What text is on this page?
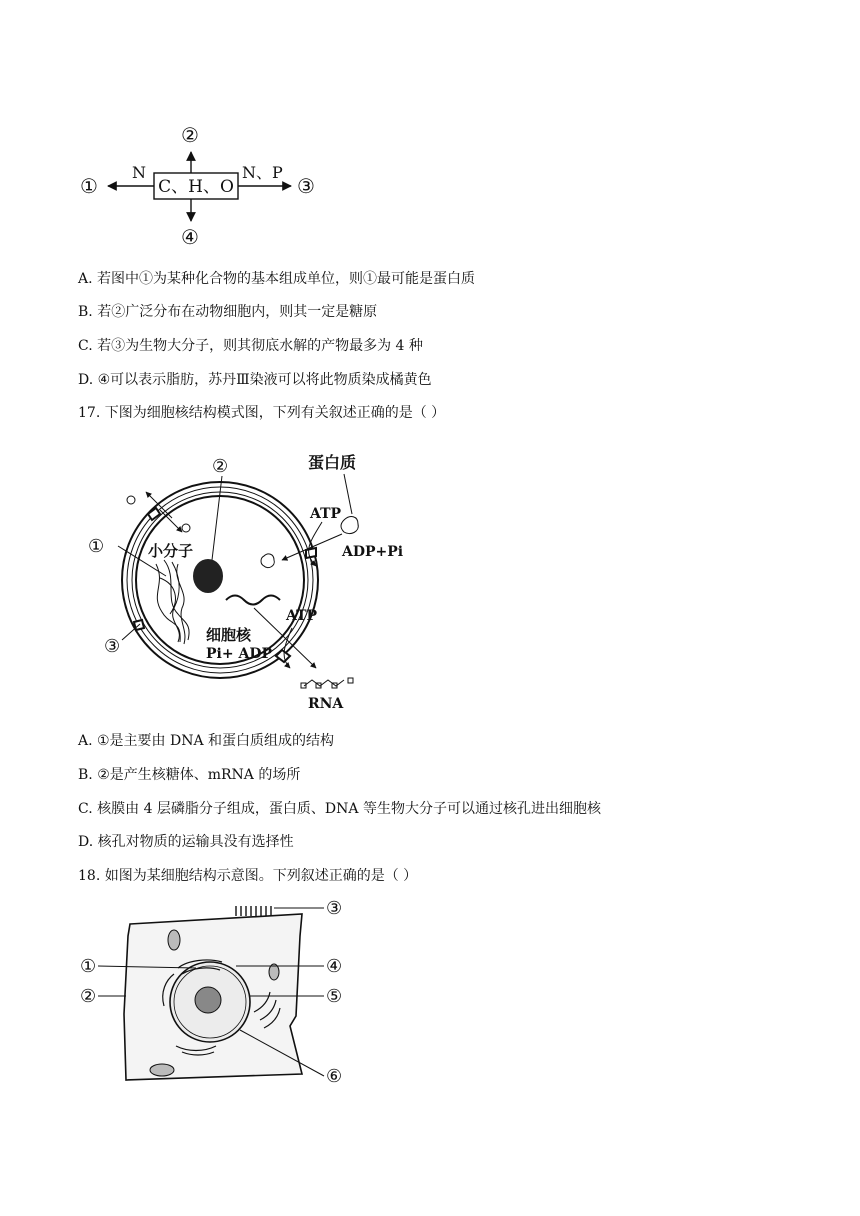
C、H、O
N	N、P
①
②
③
④
A. 若图中①为某种化合物的基本组成单位，则①最可能是蛋白质
B. 若②广泛分布在动物细胞内，则其一定是糖原
C. 若③为生物大分子，则其彻底水解的产物最多为 4 种
D. ④可以表示脂肪，苏丹Ⅲ染液可以将此物质染成橘黄色
17. 下图为细胞核结构模式图，下列有关叙述正确的是（ ）
①
②
③
蛋白质
ATP
ADP+Pi
小分子
ATP
细胞核
Pi+ ADP
RNA
A. ①是主要由 DNA 和蛋白质组成的结构
B. ②是产生核糖体、mRNA 的场所
C. 核膜由 4 层磷脂分子组成，蛋白质、DNA 等生物大分子可以通过核孔进出细胞核
D. 核孔对物质的运输具没有选择性
18. 如图为某细胞结构示意图。下列叙述正确的是（ ）
①
②
③
④
⑤
⑥
